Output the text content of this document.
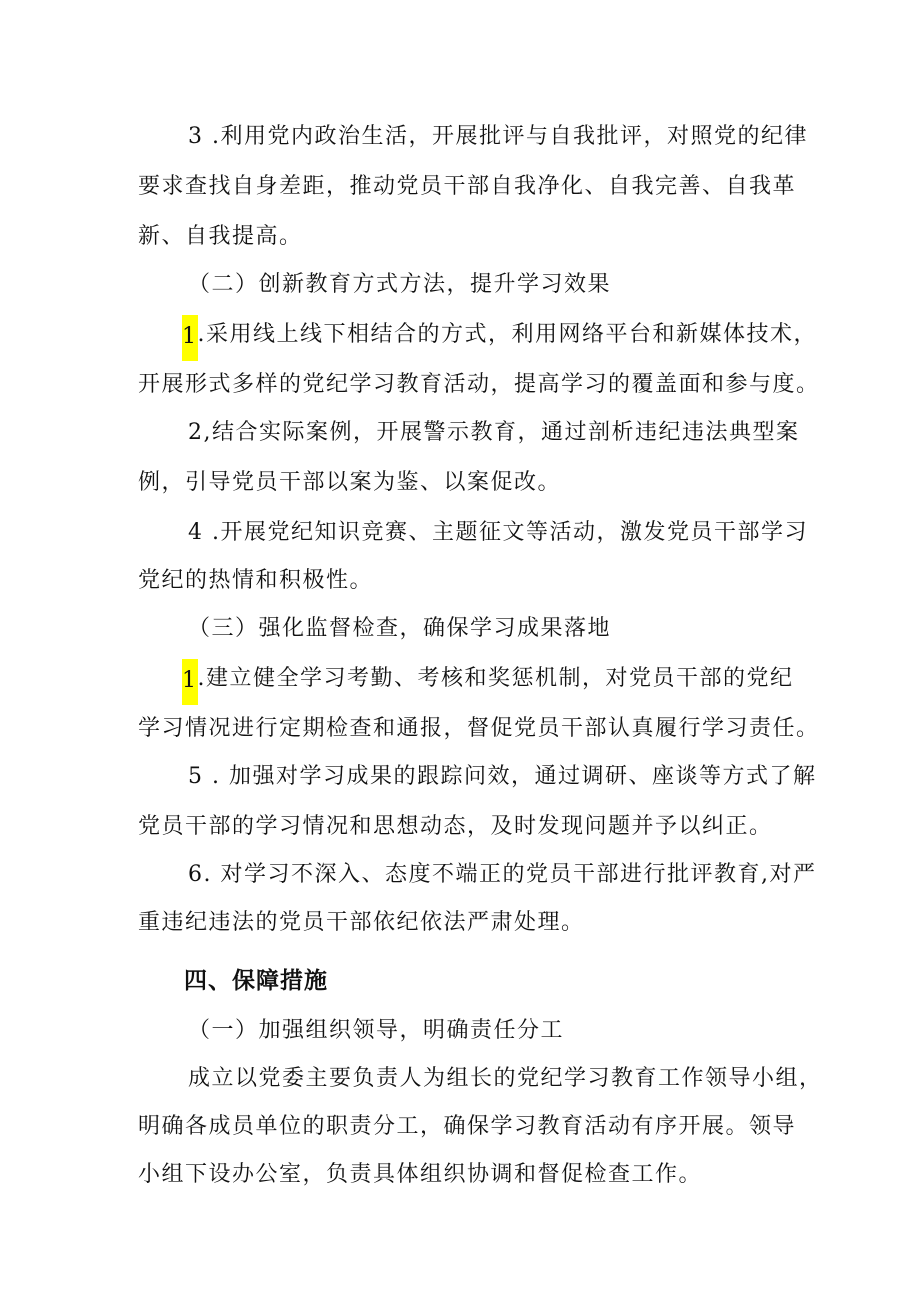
3 .利用党内政治生活，开展批评与自我批评，对照党的纪律
要求查找自身差距，推动党员干部自我净化、自我完善、自我革
新、自我提高。
（二）创新教育方式方法，提升学习效果
1.采用线上线下相结合的方式，利用网络平台和新媒体技术，
开展形式多样的党纪学习教育活动，提高学习的覆盖面和参与度。
2,结合实际案例，开展警示教育，通过剖析违纪违法典型案
例，引导党员干部以案为鉴、以案促改。
4 .开展党纪知识竞赛、主题征文等活动，激发党员干部学习
党纪的热情和积极性。
（三）强化监督检查，确保学习成果落地
1.建立健全学习考勤、考核和奖惩机制，对党员干部的党纪
学习情况进行定期检查和通报，督促党员干部认真履行学习责任。
5 . 加强对学习成果的跟踪问效，通过调研、座谈等方式了解
党员干部的学习情况和思想动态，及时发现问题并予以纠正。
6. 对学习不深入、态度不端正的党员干部进行批评教育,对严
重违纪违法的党员干部依纪依法严肃处理。
四、保障措施
（一）加强组织领导，明确责任分工
成立以党委主要负责人为组长的党纪学习教育工作领导小组，
明确各成员单位的职责分工，确保学习教育活动有序开展。领导
小组下设办公室，负责具体组织协调和督促检查工作。
